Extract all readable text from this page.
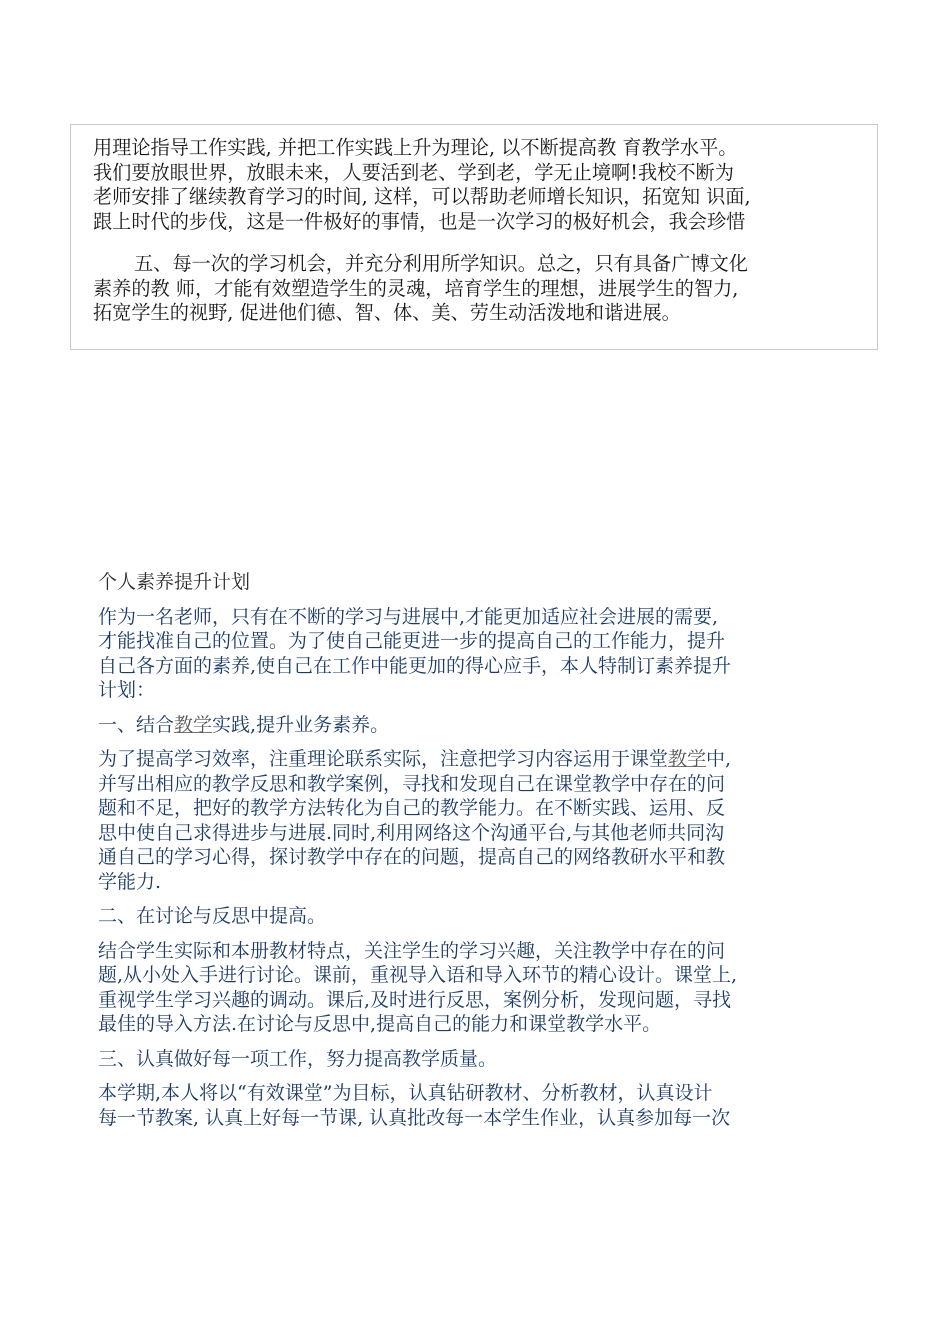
用理论指导工作实践, 并把工作实践上升为理论, 以不断提高教 育教学水平。
我们要放眼世界，放眼未来，人要活到老、学到老，学无止境啊!我校不断为
老师安排了继续教育学习的时间, 这样，可以帮助老师增长知识，拓宽知 识面,
跟上时代的步伐，这是一件极好的事情，也是一次学习的极好机会，我会珍惜
五、每一次的学习机会，并充分利用所学知识。总之，只有具备广博文化
素养的教 师，才能有效塑造学生的灵魂，培育学生的理想，进展学生的智力,
拓宽学生的视野, 促进他们德、智、体、美、劳生动活泼地和谐进展。
个人素养提升计划

作为一名老师，只有在不断的学习与进展中,才能更加适应社会进展的需要,
才能找准自己的位置。为了使自己能更进一步的提高自己的工作能力，提升
自己各方面的素养,使自己在工作中能更加的得心应手，本人特制订素养提升
计划：

一、结合教学实践,提升业务素养。

为了提高学习效率，注重理论联系实际，注意把学习内容运用于课堂教学中,
并写出相应的教学反思和教学案例，寻找和发现自己在课堂教学中存在的问
题和不足，把好的教学方法转化为自己的教学能力。在不断实践、运用、反
思中使自己求得进步与进展.同时,利用网络这个沟通平台,与其他老师共同沟
通自己的学习心得，探讨教学中存在的问题，提高自己的网络教研水平和教
学能力.

二、在讨论与反思中提高。

结合学生实际和本册教材特点，关注学生的学习兴趣，关注教学中存在的问
题,从小处入手进行讨论。课前，重视导入语和导入环节的精心设计。课堂上,
重视学生学习兴趣的调动。课后,及时进行反思，案例分析，发现问题，寻找
最佳的导入方法.在讨论与反思中,提高自己的能力和课堂教学水平。

三、认真做好每一项工作，努力提高教学质量。

本学期,本人将以“有效课堂”为目标，认真钻研教材、分析教材，认真设计
每一节教案, 认真上好每一节课, 认真批改每一本学生作业，认真参加每一次
